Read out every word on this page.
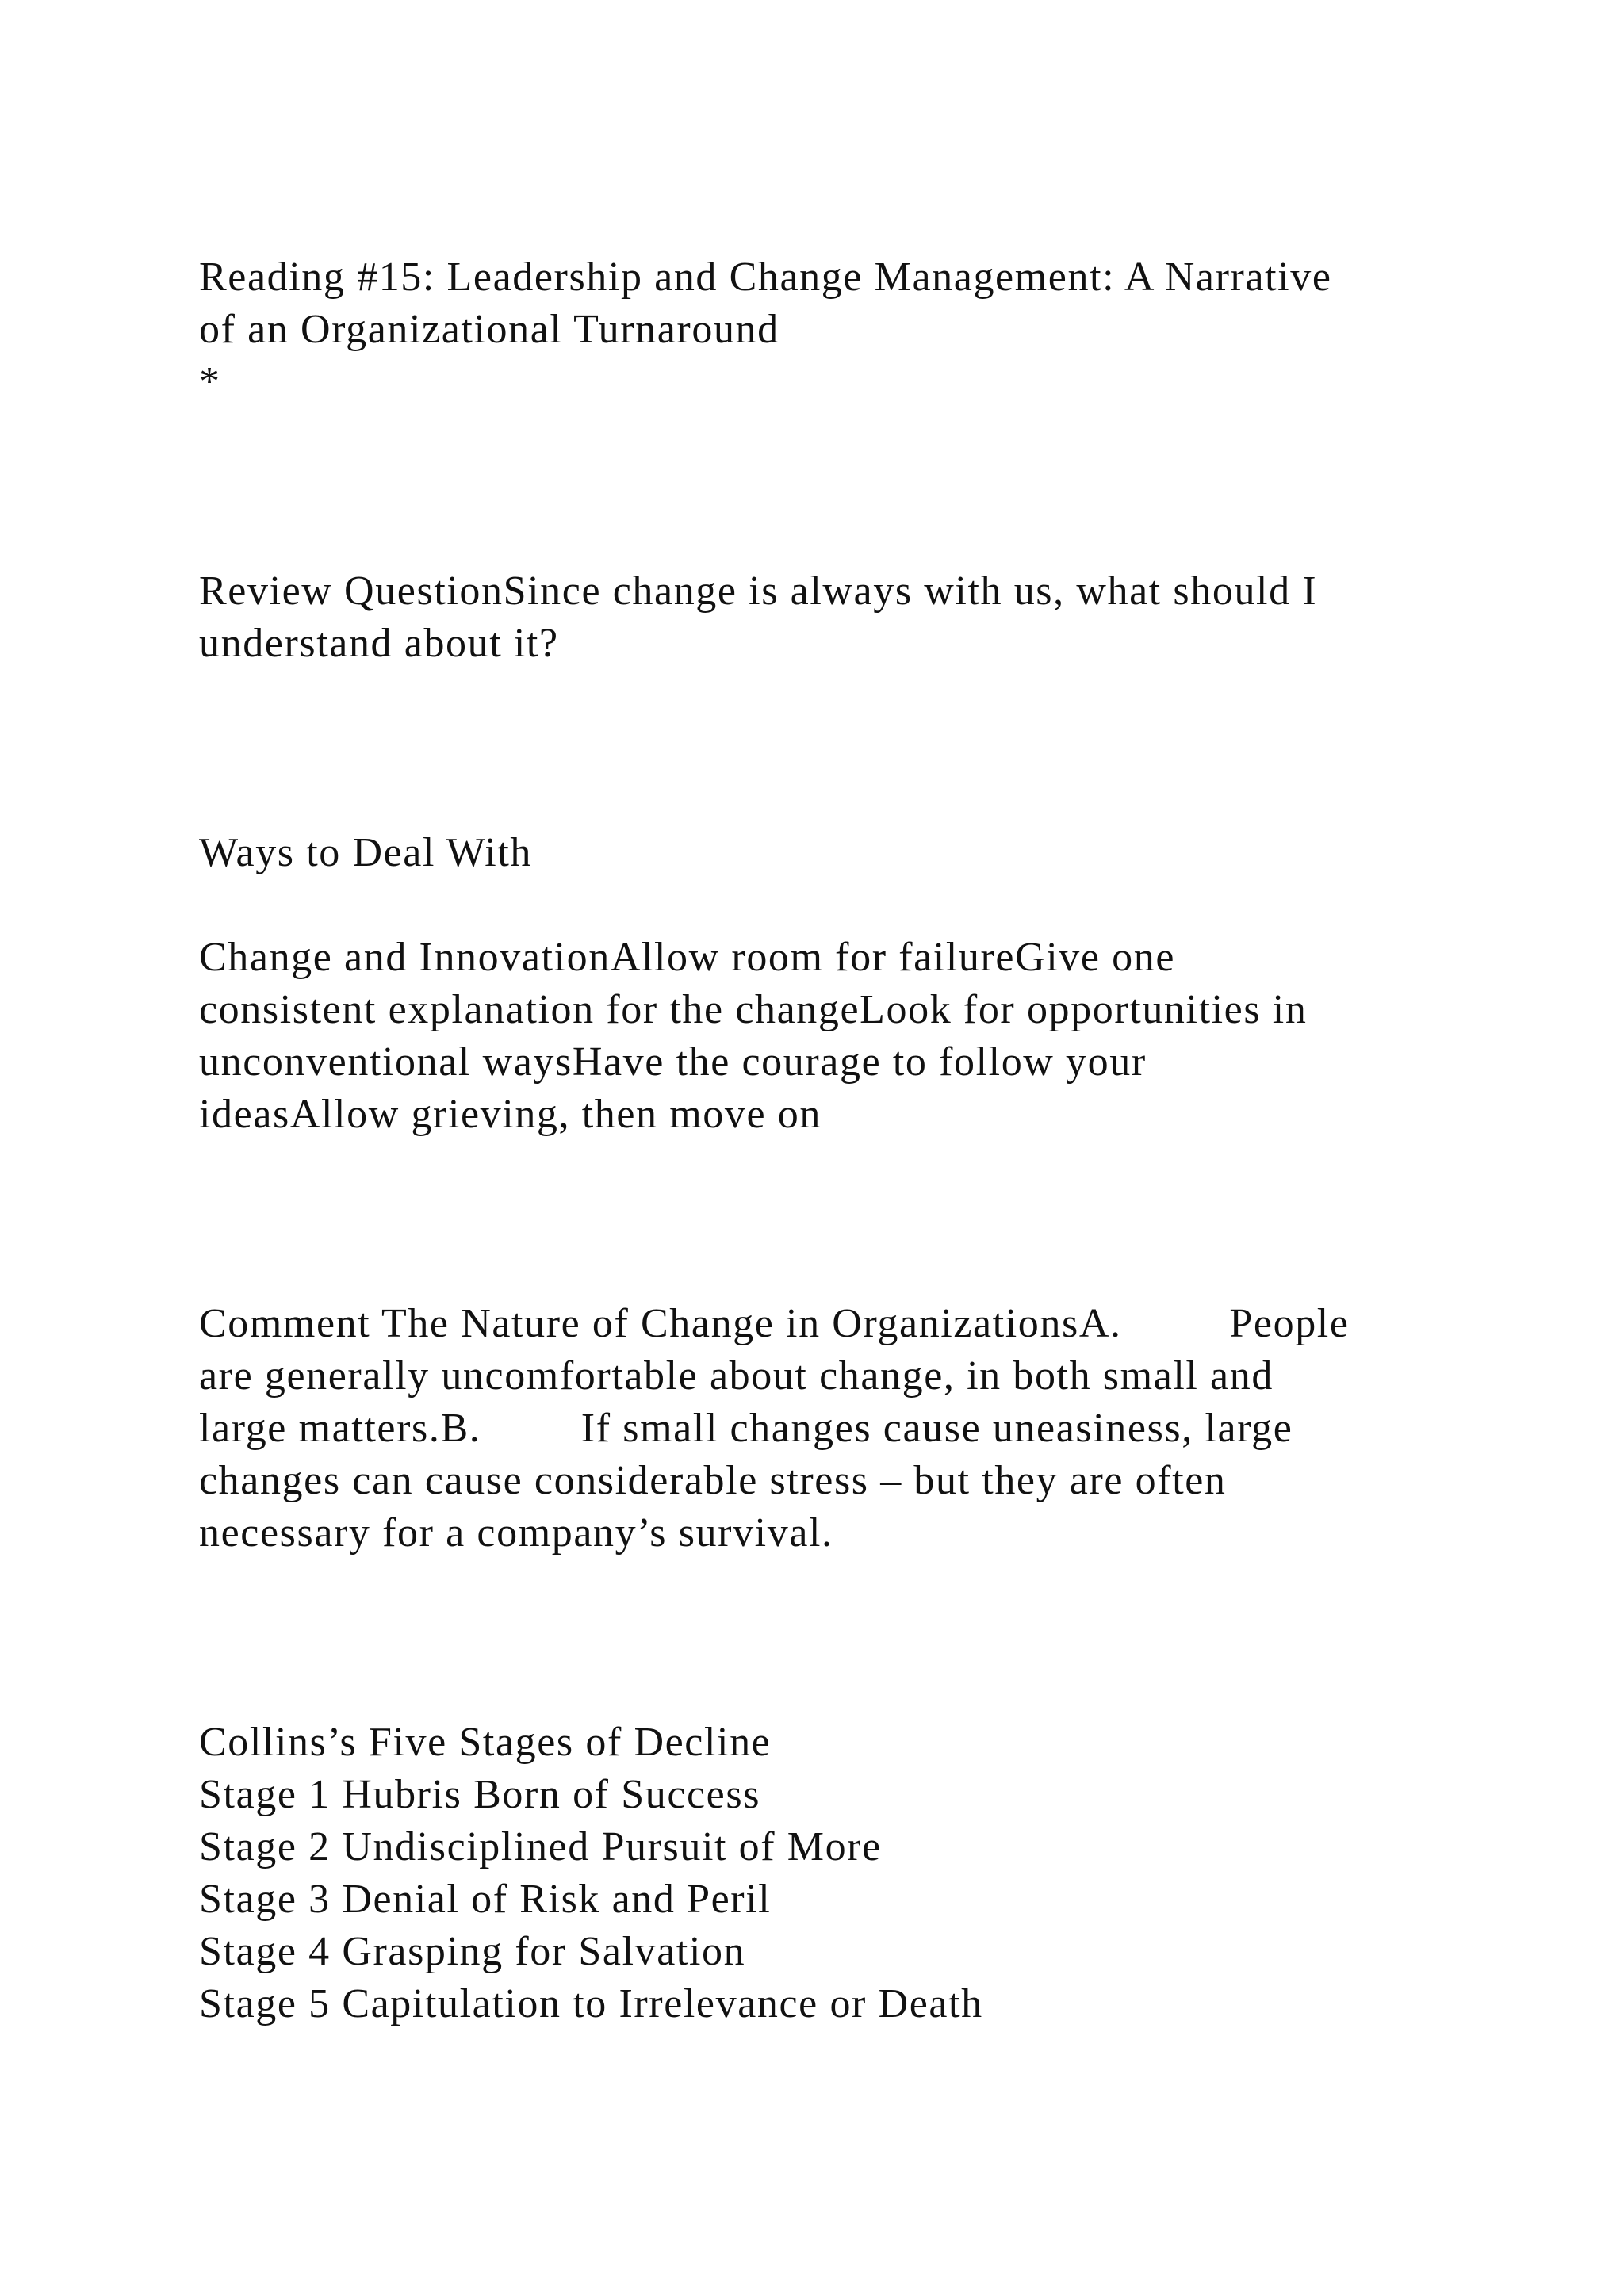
Reading #15: Leadership and Change Management: A Narrative
of an Organizational Turnaround
*
Review QuestionSince change is always with us, what should I
understand about it?
Ways to Deal With
Change and InnovationAllow room for failureGive one
consistent explanation for the changeLook for opportunities in
unconventional waysHave the courage to follow your
ideasAllow grieving, then move on
Comment The Nature of Change in OrganizationsA.	People
are generally uncomfortable about change, in both small and
large matters.B.	If small changes cause uneasiness, large
changes can cause considerable stress – but they are often
necessary for a company’s survival.
Collins’s Five Stages of Decline
Stage 1 Hubris Born of Success
Stage 2 Undisciplined Pursuit of More
Stage 3 Denial of Risk and Peril
Stage 4 Grasping for Salvation
Stage 5 Capitulation to Irrelevance or Death
